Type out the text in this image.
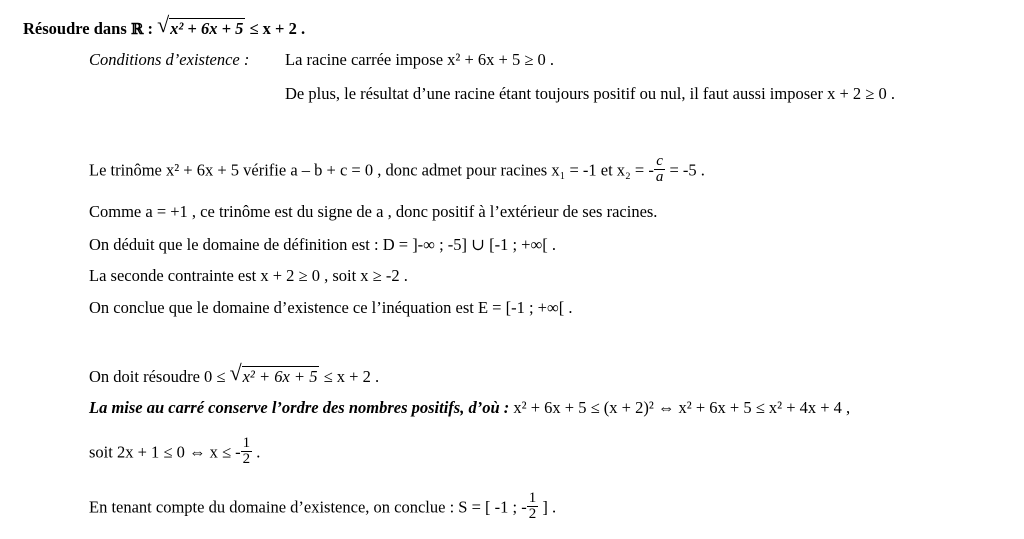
Résoudre dans ℝ : √ x² + 6x + 5 ≤ x + 2 .
Conditions d’existence : La racine carrée impose x² + 6x + 5 ≥ 0 .
De plus, le résultat d’une racine étant toujours positif ou nul, il faut aussi imposer x + 2 ≥ 0 .
Le trinôme x² + 6x + 5 vérifie a – b + c = 0 , donc admet pour racines x₁ = -1 et x₂ = - $\frac{c}{a} = -5$ .
Comme a = +1 , ce trinôme est du signe de a , donc positif à l’extérieur de ses racines.
On déduit que le domaine de définition est : D = ]-∞ ; -5] ∪ [-1 ; +∞[ .
La seconde contrainte est x + 2 ≥ 0 , soit x ≥ -2 .
On conclue que le domaine d’existence ce l’inéquation est E = [-1 ; +∞[ .
On doit résoudre 0 ≤ √ x² + 6x + 5 ≤ x + 2 .
La mise au carré conserve l’ordre des nombres positifs, d’où : x² + 6x + 5 ≤ (x + 2)² ⇔ x² + 6x + 5 ≤ x² + 4x + 4 ,
soit 2x + 1 ≤ 0 ⇔ x ≤ - $\frac{1}{2}$ .
En tenant compte du domaine d’existence, on conclue : S = [ -1 ; - $\frac{1}{2}$ ] .
